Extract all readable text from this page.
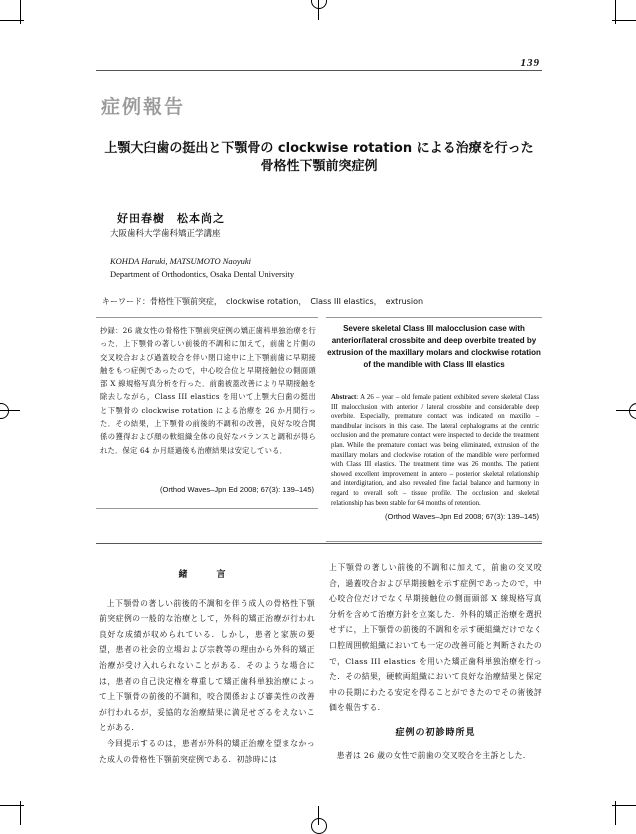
139
症例報告
上顎大臼歯の挺出と下顎骨の clockwise rotation による治療を行った
骨格性下顎前突症例
好田春樹　松本尚之
大阪歯科大学歯科矯正学講座
KOHDA Haruki, MATSUMOTO Naoyuki
Department of Orthodontics, Osaka Dental University
キーワード：骨格性下顎前突症，　clockwise rotation，　Class III elastics，　extrusion
抄録：26 歳女性の骨格性下顎前突症例の矯正歯科単独治療を行った．上下顎骨の著しい前後的不調和に加えて，前歯と片側の交叉咬合および過蓋咬合を伴い閉口途中に上下顎前歯に早期接触をもつ症例であったので，中心咬合位と早期接触位の側面頭部 X 線規格写真分析を行った．前歯被蓋改善により早期接触を除去しながら，Class III elastics を用いて上顎大臼歯の挺出と下顎骨の clockwise rotation による治療を 26 か月間行った．その結果，上下顎骨の前後的不調和の改善，良好な咬合関係の獲得および顔の軟組織全体の良好なバランスと調和が得られた．保定 64 か月経過後も治療結果は安定している．
(Orthod Waves–Jpn Ed 2008; 67(3): 139–145)
Severe skeletal Class III malocclusion case with anterior/lateral crossbite and deep overbite treated by extrusion of the maxillary molars and clockwise rotation of the mandible with Class III elastics
Abstract: A 26 – year – old female patient exhibited severe skeletal Class III malocclusion with anterior / lateral crossbite and considerable deep overbite. Especially, premature contact was indicated on maxillo – mandibular incisors in this case. The lateral cephalograms at the centric occlusion and the premature contact were inspected to decide the treatment plan. While the premature contact was being eliminated, extrusion of the maxillary molars and clockwise rotation of the mandible were performed with Class III elastics. The treatment time was 26 months. The patient showed excellent improvement in antero – posterior skeletal relationship and interdigitation, and also revealed fine facial balance and harmony in regard to overall soft – tissue profile. The occlusion and skeletal relationship has been stable for 64 months of retention.
(Orthod Waves–Jpn Ed 2008; 67(3): 139–145)
緒　言

上下顎骨の著しい前後的不調和を伴う成人の骨格性下顎前突症例の一般的な治療として，外科的矯正治療が行われ良好な成績が収められている．しかし，患者と家族の要望，患者の社会的立場および宗教等の理由から外科的矯正治療が受け入れられないことがある．そのような場合には，患者の自己決定権を尊重して矯正歯科単独治療によって上下顎骨の前後的不調和，咬合関係および審美性の改善が行われるが，妥協的な治療結果に満足せざるをえないことがある．

今回提示するのは，患者が外科的矯正治療を望まなかった成人の骨格性下顎前突症例である．初診時には

上下顎骨の著しい前後的不調和に加えて，前歯の交叉咬合，過蓋咬合および早期接触を示す症例であったので，中心咬合位だけでなく早期接触位の側面頭部 X 線規格写真分析を含めて治療方針を立案した．外科的矯正治療を選択せずに，上下顎骨の前後的不調和を示す硬組織だけでなく口腔周囲軟組織においても一定の改善可能と判断されたので，Class III elastics を用いた矯正歯科単独治療を行った．その結果，硬軟両組織において良好な治療結果と保定中の長期にわたる安定を得ることができたのでその術後評価を報告する．

症例の初診時所見

患者は 26 歳の女性で前歯の交叉咬合を主訴とした．
